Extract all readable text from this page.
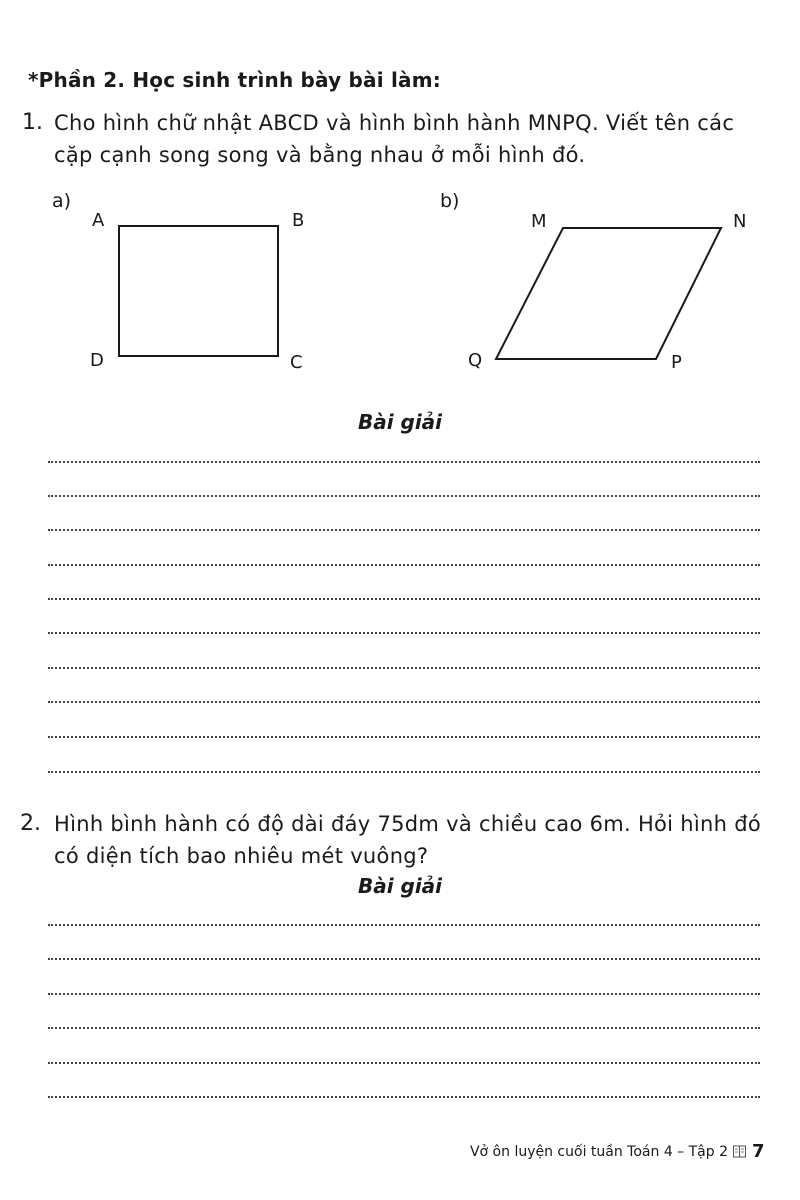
*Phần 2. Học sinh trình bày bài làm:
1. Cho hình chữ nhật ABCD và hình bình hành MNPQ. Viết tên các
cặp cạnh song song và bằng nhau ở mỗi hình đó.
a)	b)
A	B
D	C
M	N
Q	P
Bài giải
2. Hình bình hành có độ dài đáy 75dm và chiều cao 6m. Hỏi hình đó
có diện tích bao nhiêu mét vuông?
Bài giải
Vở ôn luyện cuối tuần Toán 4 – Tập 2 7
